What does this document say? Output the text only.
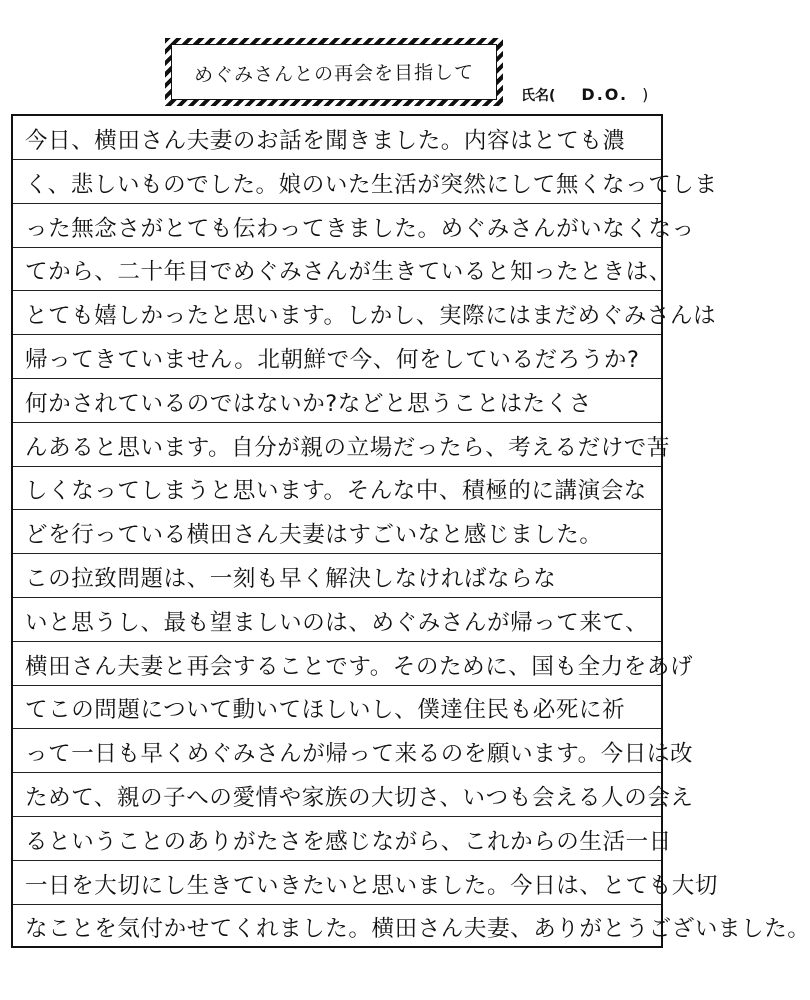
めぐみさんとの再会を目指して
氏名( D.O. )
今日、横田さん夫妻のお話を聞きました。内容はとても濃
く、悲しいものでした。娘のいた生活が突然にして無くなってしま
った無念さがとても伝わってきました。めぐみさんがいなくなっ
てから、二十年目でめぐみさんが生きていると知ったときは、
とても嬉しかったと思います。しかし、実際にはまだめぐみさんは
帰ってきていません。北朝鮮で今、何をしているだろうか?
何かされているのではないか?などと思うことはたくさ
んあると思います。自分が親の立場だったら、考えるだけで苦
しくなってしまうと思います。そんな中、積極的に講演会な
どを行っている横田さん夫妻はすごいなと感じました。
この拉致問題は、一刻も早く解決しなければならな
いと思うし、最も望ましいのは、めぐみさんが帰って来て、
横田さん夫妻と再会することです。そのために、国も全力をあげ
てこの問題について動いてほしいし、僕達住民も必死に祈
って一日も早くめぐみさんが帰って来るのを願います。今日は改
ためて、親の子への愛情や家族の大切さ、いつも会える人の会え
るということのありがたさを感じながら、これからの生活一日
一日を大切にし生きていきたいと思いました。今日は、とても大切
なことを気付かせてくれました。横田さん夫妻、ありがとうございました。
